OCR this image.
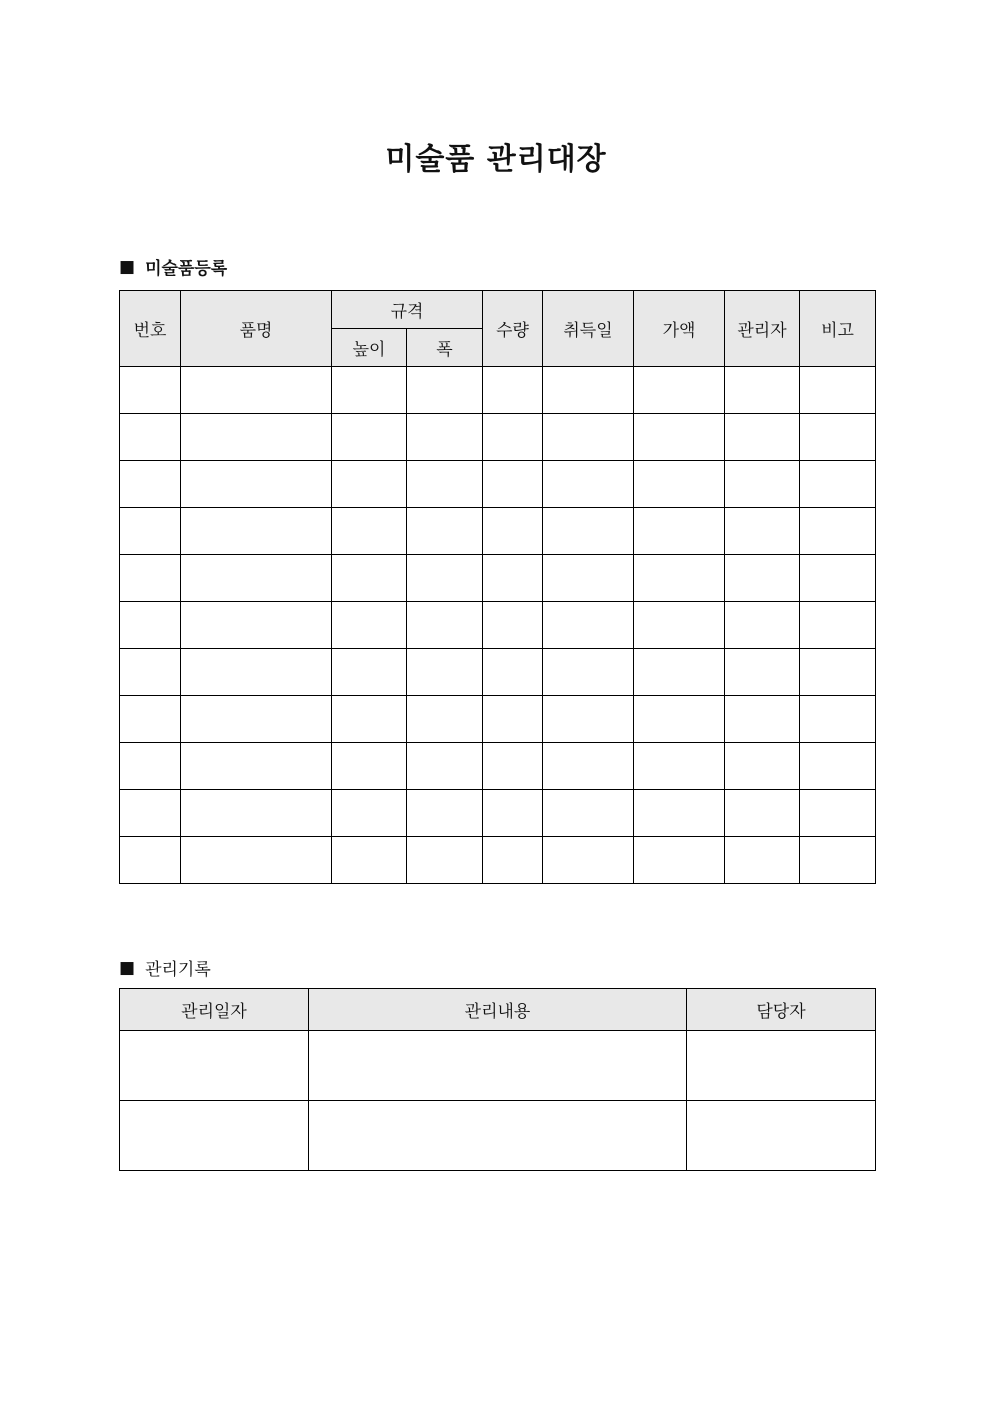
미술품 관리대장
■ 미술품등록
번호	품명	규격		수량	취득일	가액	관리자	비고
		높이	폭					

■ 관리기록
관리일자	관리내용	담당자
